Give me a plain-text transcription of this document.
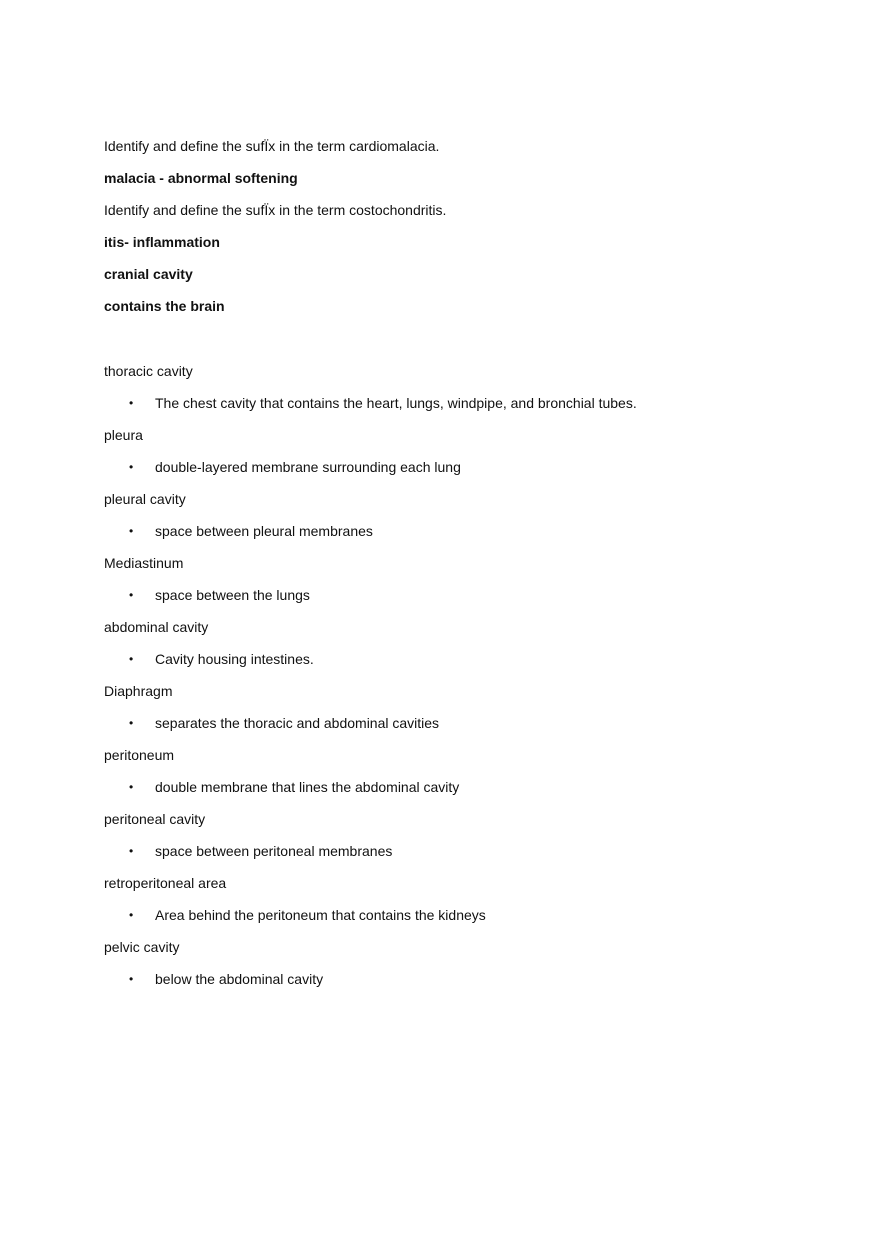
Identify and define the sufÏx in the term cardiomalacia.
malacia - abnormal softening
Identify and define the sufÏx in the term costochondritis.
itis- inflammation
cranial cavity
contains the brain
thoracic cavity
• The chest cavity that contains the heart, lungs, windpipe, and bronchial tubes.
pleura
• double-layered membrane surrounding each lung
pleural cavity
• space between pleural membranes
Mediastinum
• space between the lungs
abdominal cavity
• Cavity housing intestines.
Diaphragm
• separates the thoracic and abdominal cavities
peritoneum
• double membrane that lines the abdominal cavity
peritoneal cavity
• space between peritoneal membranes
retroperitoneal area
• Area behind the peritoneum that contains the kidneys
pelvic cavity
• below the abdominal cavity
